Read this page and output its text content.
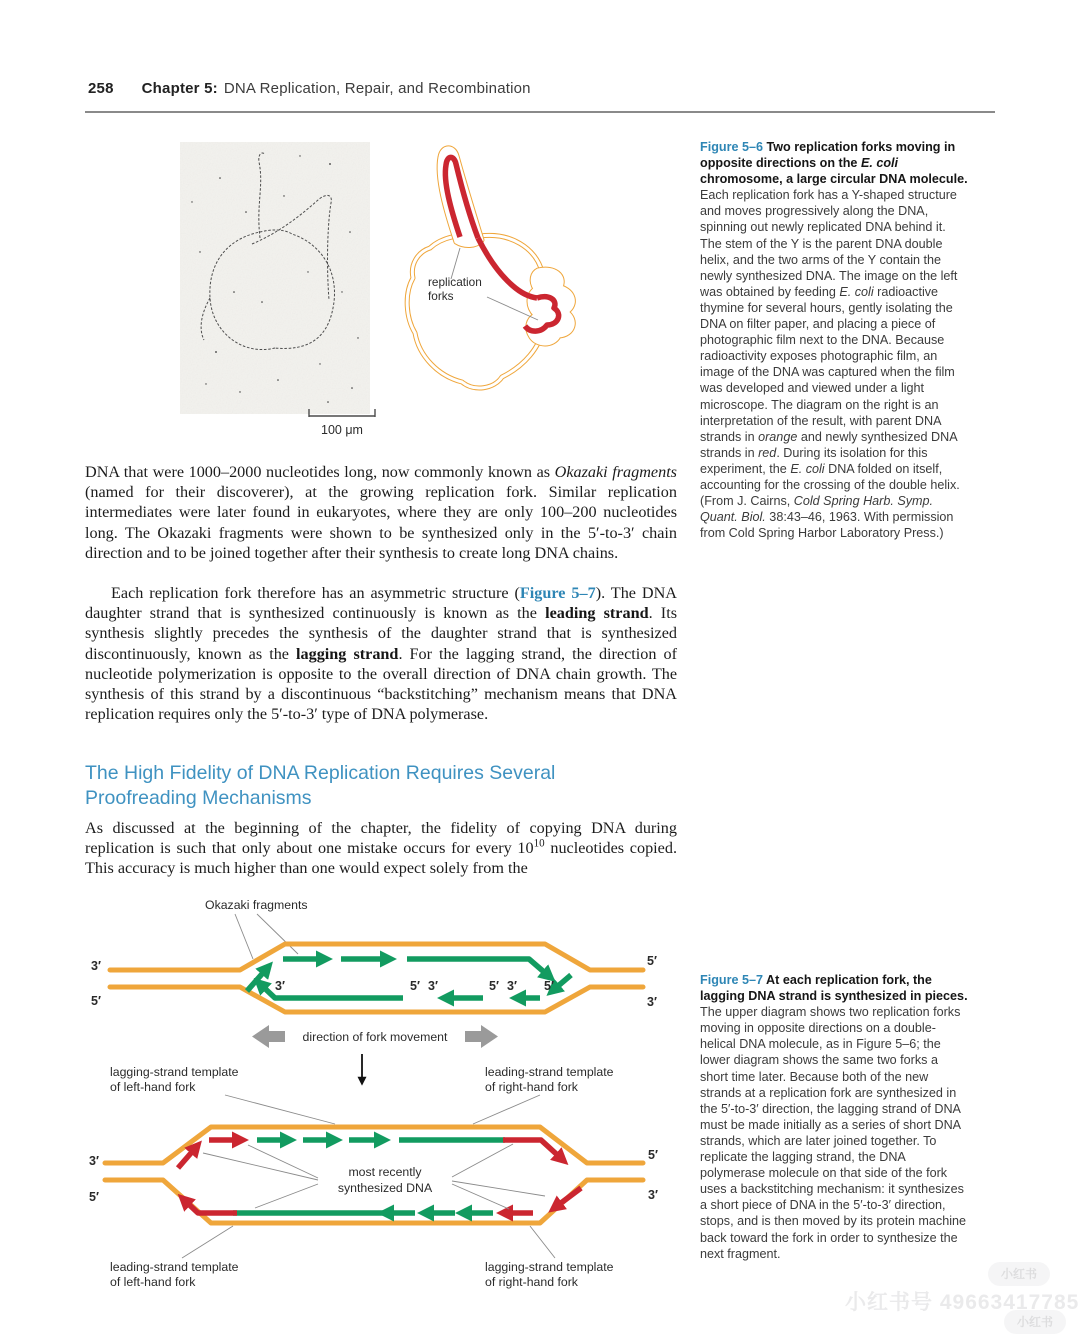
258 Chapter 5: DNA Replication, Repair, and Recombination
100 μm
replication
forks
Figure 5–6 Two replication forks moving in opposite directions on the E. coli chromosome, a large circular DNA molecule. Each replication fork has a Y-shaped structure and moves progressively along the DNA, spinning out newly replicated DNA behind it. The stem of the Y is the parent DNA double helix, and the two arms of the Y contain the newly synthesized DNA. The image on the left was obtained by feeding E. coli radioactive thymine for several hours, gently isolating the DNA on filter paper, and placing a piece of photographic film next to the DNA. Because radioactivity exposes photographic film, an image of the DNA was captured when the film was developed and viewed under a light microscope. The diagram on the right is an interpretation of the result, with parent DNA strands in orange and newly synthesized DNA strands in red. During its isolation for this experiment, the E. coli DNA folded on itself, accounting for the crossing of the double helix. (From J. Cairns, Cold Spring Harb. Symp. Quant. Biol. 38:43–46, 1963. With permission from Cold Spring Harbor Laboratory Press.)
DNA that were 1000–2000 nucleotides long, now commonly known as Okazaki fragments (named for their discoverer), at the growing replication fork. Similar replication intermediates were later found in eukaryotes, where they are only 100–200 nucleotides long. The Okazaki fragments were shown to be synthesized only in the 5′-to-3′ chain direction and to be joined together after their synthesis to create long DNA chains.
Each replication fork therefore has an asymmetric structure (Figure 5–7). The DNA daughter strand that is synthesized continuously is known as the leading strand. Its synthesis slightly precedes the synthesis of the daughter strand that is synthesized discontinuously, known as the lagging strand. For the lagging strand, the direction of nucleotide polymerization is opposite to the overall direction of DNA chain growth. The synthesis of this strand by a discontinuous “backstitching” mechanism means that DNA replication requires only the 5′-to-3′ type of DNA polymerase.
The High Fidelity of DNA Replication Requires Several Proofreading Mechanisms
As discussed at the beginning of the chapter, the fidelity of copying DNA during replication is such that only about one mistake occurs for every $10^{10}$ nucleotides copied. This accuracy is much higher than one would expect solely from the
Okazaki fragments
3′
5′
5′
3′
3′	5′ 3′	5′ 3′ 5′
direction of fork movement
lagging-strand template
of left-hand fork
leading-strand template
of right-hand fork
3′
5′
5′
3′
most recently
synthesized DNA
leading-strand template
of left-hand fork
lagging-strand template
of right-hand fork
Figure 5–7 At each replication fork, the lagging DNA strand is synthesized in pieces. The upper diagram shows two replication forks moving in opposite directions on a double-helical DNA molecule, as in Figure 5–6; the lower diagram shows the same two forks a short time later. Because both of the new strands at a replication fork are synthesized in the 5′-to-3′ direction, the lagging strand of DNA must be made initially as a series of short DNA strands, which are later joined together. To replicate the lagging strand, the DNA polymerase molecule on that side of the fork uses a backstitching mechanism: it synthesizes a short piece of DNA in the 5′-to-3′ direction, stops, and is then moved by its protein machine back toward the fork in order to synthesize the next fragment.
小红书号 49663417785
小红书
小红书
